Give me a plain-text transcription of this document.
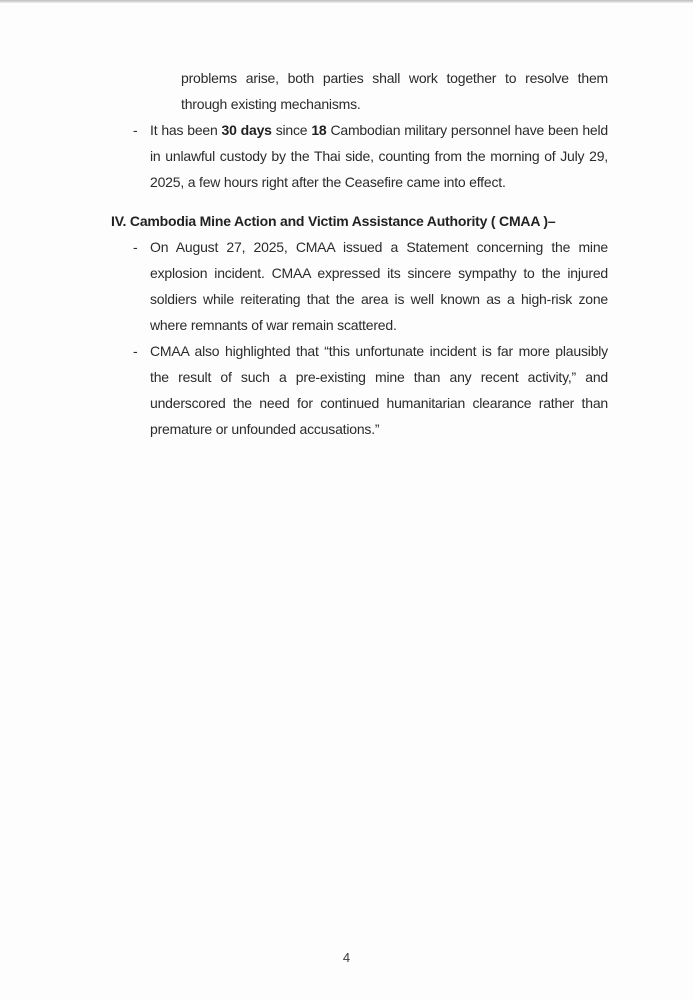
problems arise, both parties shall work together to resolve them through existing mechanisms.

- It has been 30 days since 18 Cambodian military personnel have been held in unlawful custody by the Thai side, counting from the morning of July 29, 2025, a few hours right after the Ceasefire came into effect.
IV. Cambodia Mine Action and Victim Assistance Authority ( CMAA )–
- On August 27, 2025, CMAA issued a Statement concerning the mine explosion incident. CMAA expressed its sincere sympathy to the injured soldiers while reiterating that the area is well known as a high-risk zone where remnants of war remain scattered.
- CMAA also highlighted that “this unfortunate incident is far more plausibly the result of such a pre-existing mine than any recent activity,” and underscored the need for continued humanitarian clearance rather than premature or unfounded accusations.”
4
